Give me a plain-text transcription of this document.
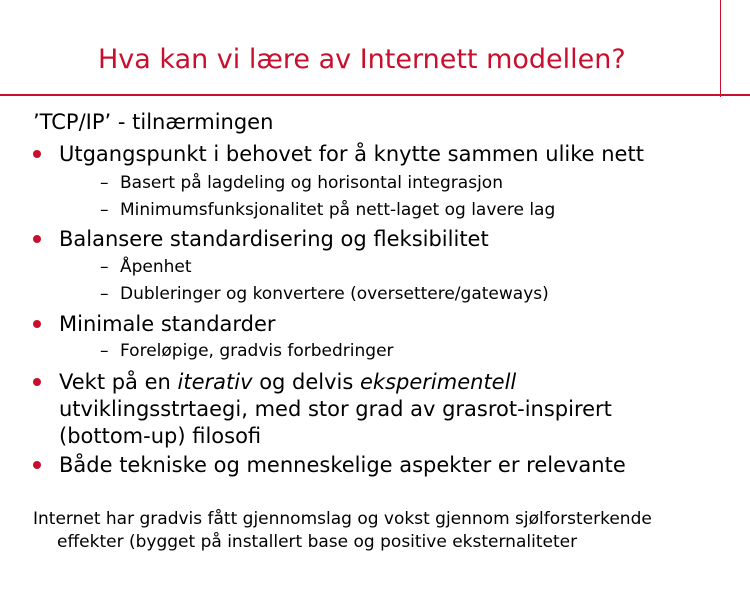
Hva kan vi lære av Internett modellen?
’TCP/IP’ - tilnærmingen
Utgangspunkt i behovet for å knytte sammen ulike nett
– Basert på lagdeling og horisontal integrasjon
– Minimumsfunksjonalitet på nett-laget og lavere lag
Balansere standardisering og fleksibilitet
– Åpenhet
– Dubleringer og konvertere (oversettere/gateways)
Minimale standarder
– Foreløpige, gradvis forbedringer
Vekt på en iterativ og delvis eksperimentell
utviklingsstrtaegi, med stor grad av grasrot-inspirert
(bottom-up) filosofi
Både tekniske og menneskelige aspekter er relevante
Internet har gradvis fått gjennomslag og vokst gjennom sjølforsterkende
effekter (bygget på installert base og positive eksternaliteter
